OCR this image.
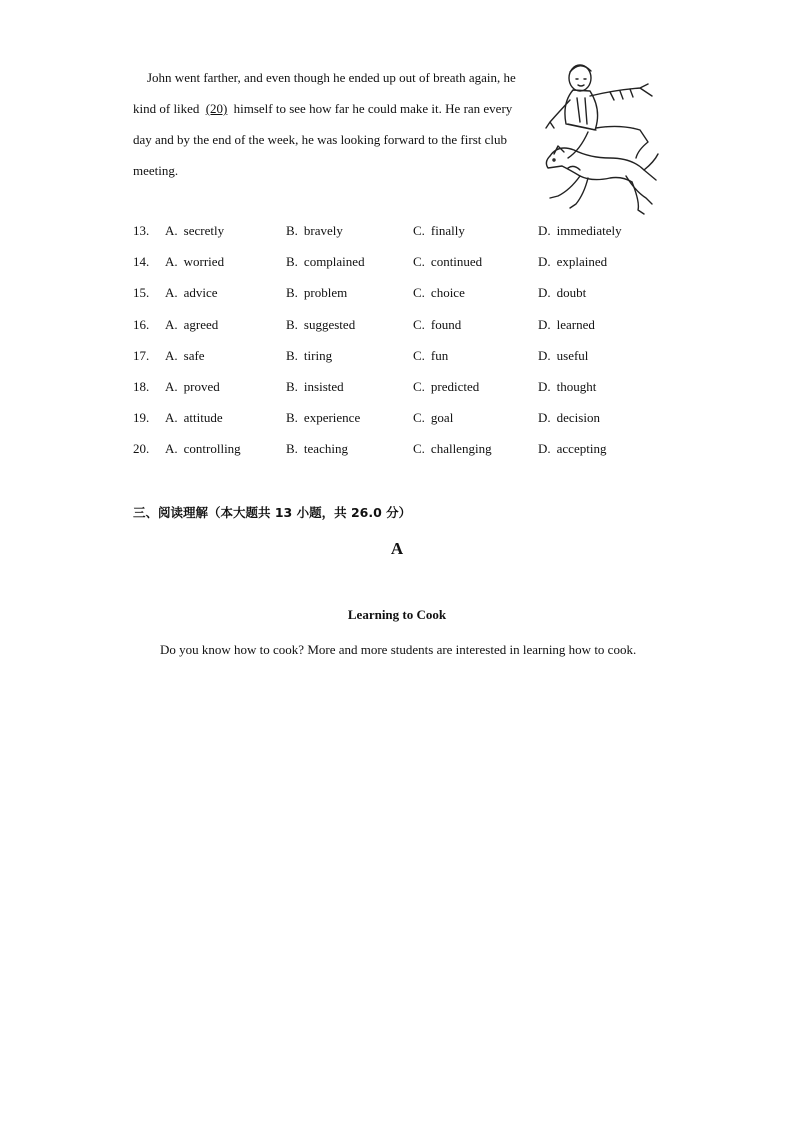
John went farther, and even though he ended up out of breath again, he kind of liked (20) himself to see how far he could make it. He ran every day and by the end of the week, he was looking forward to the first club meeting.

13. A. secretly	B. bravely	C. finally	D. immediately
14. A. worried	B. complained	C. continued	D. explained
15. A. advice	B. problem	C. choice	D. doubt
16. A. agreed	B. suggested	C. found	D. learned
17. A. safe	B. tiring	C. fun	D. useful
18. A. proved	B. insisted	C. predicted	D. thought
19. A. attitude	B. experience	C. goal	D. decision
20. A. controlling	B. teaching	C. challenging	D. accepting
三、阅读理解（本大题共 13 小题，共 26.0 分）
A
Learning to Cook

Do you know how to cook? More and more students are interested in learning how to cook.
